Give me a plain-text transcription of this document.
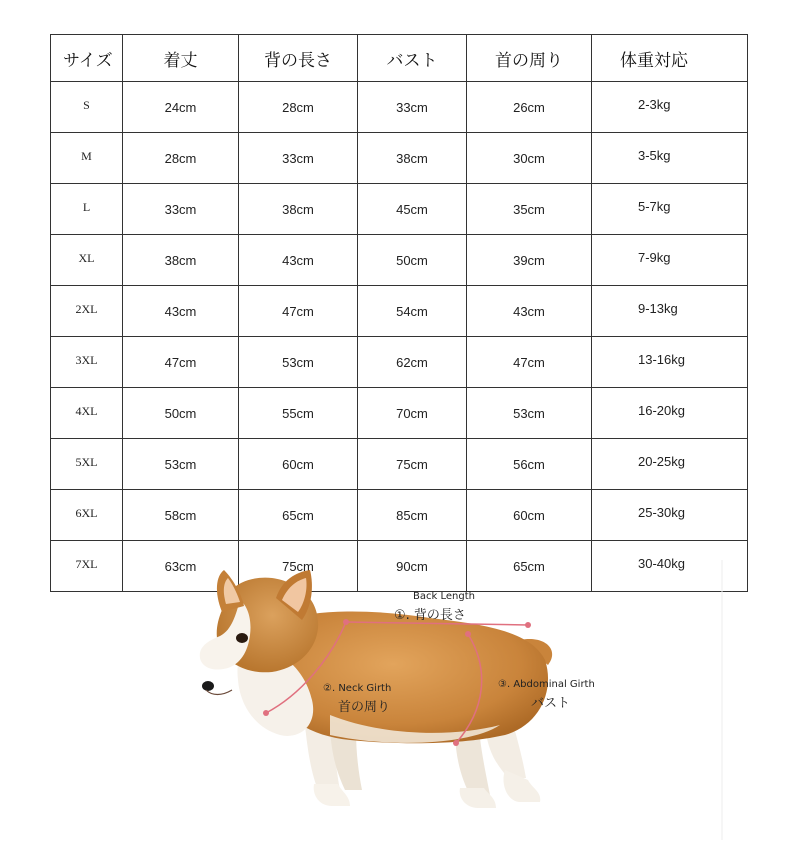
サイズ	着丈	背の長さ	バスト	首の周り	体重対応
S	24cm	28cm	33cm	26cm	2-3kg
M	28cm	33cm	38cm	30cm	3-5kg
L	33cm	38cm	45cm	35cm	5-7kg
XL	38cm	43cm	50cm	39cm	7-9kg
2XL	43cm	47cm	54cm	43cm	9-13kg
3XL	47cm	53cm	62cm	47cm	13-16kg
4XL	50cm	55cm	70cm	53cm	16-20kg
5XL	53cm	60cm	75cm	56cm	20-25kg
6XL	58cm	65cm	85cm	60cm	25-30kg
7XL	63cm	75cm	90cm	65cm	30-40kg
Back Length
①. 背の長さ
②. Neck Girth
首の周り
③. Abdominal Girth
バスト
